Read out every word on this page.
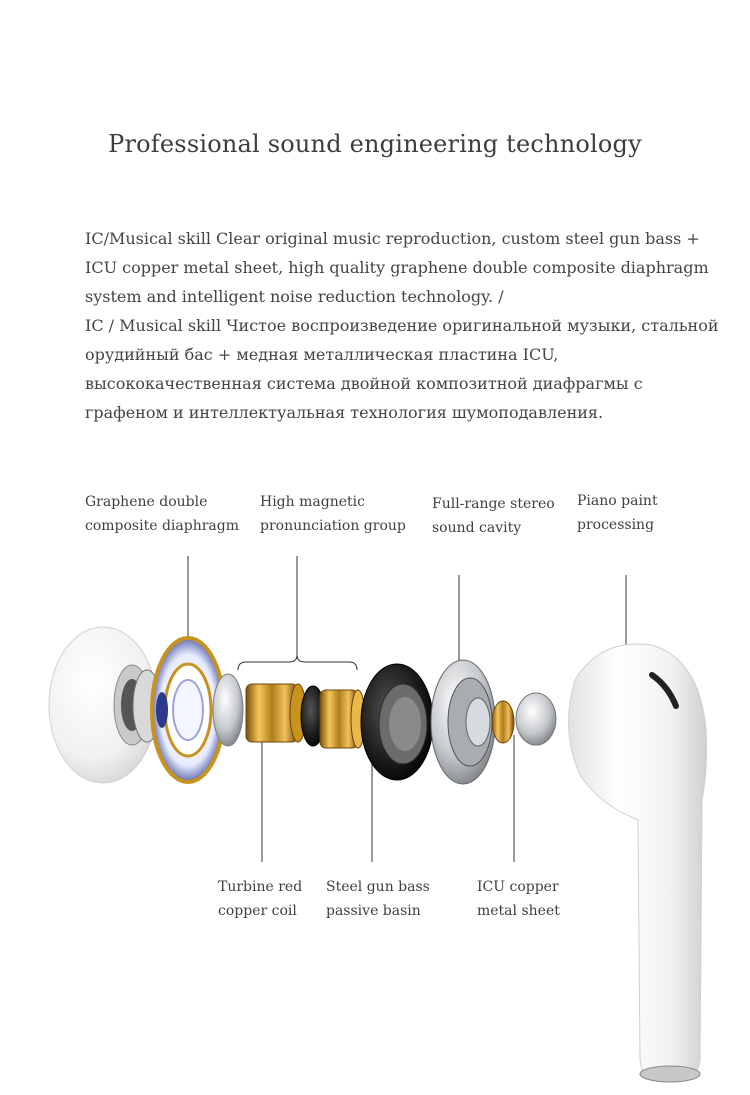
Professional sound engineering technology

IC/Musical skill Clear original music reproduction, custom steel gun bass + ICU copper metal sheet, high quality graphene double composite diaphragm system and intelligent noise reduction technology. /

IC / Musical skill Чистое воспроизведение оригинальной музыки, стальной орудийный бас + медная металлическая пластина ICU, высококачественная система двойной композитной диафрагмы с графеном и интеллектуальная технология шумоподавления.

Graphene double
composite diaphragm
High magnetic
pronunciation group
Full-range stereo
sound cavity
Piano paint
processing
Turbine red
copper coil
Steel gun bass
passive basin
ICU copper
metal sheet
